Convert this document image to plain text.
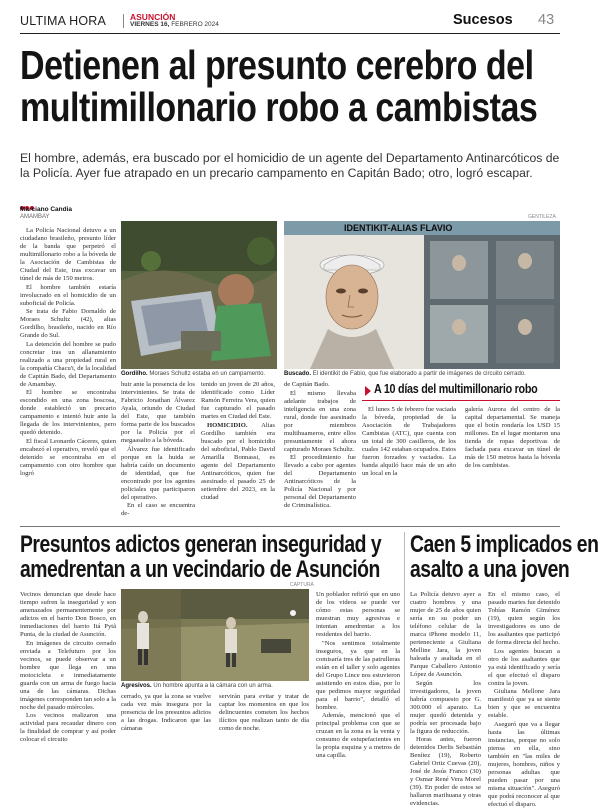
ULTIMA HORA	ASUNCIÓN
VIERNES 16, FEBRERO 2024	Sucesos 43
Detienen al presunto cerebro del
multimillonario robo a cambistas
El hombre, además, era buscado por el homicidio de un agente del Departamento Antinarcóticos de la Policía. Ayer fue atrapado en un precario campamento en Capitán Bado; otro, logró escapar.
Marciano Candia
AMAMBAY

La Policía Nacional detuvo a un ciudadano brasileño, presunto líder de la banda que perpetró el multimillonario robo a la bóveda de la Asociación de Cambistas de Ciudad del Este, tras excavar un túnel de más de 150 metros.

El hombre también estaría involucrado en el homicidio de un suboficial de Policía.

Se trata de Fabio Dornaldo de Moraes Schultz (42), alias Gordilho, brasileño, nacido en Río Grande do Sul.

La detención del hombre se pudo concretar tras un allanamiento realizado a una propiedad rural en la compañía Chacu'i, de la localidad de Capitán Bado, del Departamento de Amambay.

El hombre se encontraba escondido en una zona boscosa, donde estableció un precario campamento e intentó huir ante la llegada de los intervinientes, pero quedó detenido.

El fiscal Leonardo Cáceres, quien encabezó el operativo, reveló que el detenido se encontraba en el campamento con otro hombre que logró

Gordilho. Moraes Schultz estaba en un campamento.

huir ante la presencia de los intervinientes. Se trata de Fabricio Jonathan Álvarez Ayala, oriundo de Ciudad del Este, que también forma parte de los buscados por la Policía por el megaasalto a la bóveda.

Álvarez fue identificado porque en la huida se habría caído un documento de identidad, que fue encontrado por los agentes policiales que participaron del operativo.

En el caso se encuentra de-

tenido un joven de 20 años, identificado como Líder Ramón Ferreira Vera, quien fue capturado el pasado martes en Ciudad del Este.

HOMICIDIO. Alias Gordilho también era buscado por el homicidio del suboficial, Pablo David Amarilla Bonnassi, es agente del Departamento Antinarcóticos, quien fue asesinado el pasado 25 de setiembre del 2023, en la ciudad

GENTILEZA
IDENTIKIT-ALIAS FLAVIO
Buscado. El identikit de Fabio, que fue elaborado a partir de imágenes de circuito cerrado.

de Capitán Bado.

El mismo llevaba adelante trabajos de inteligencia en una zona rural, donde fue asesinado por miembros multihuameros, entre ellos presuntamente el ahora capturado Moraes Schultz.

El procedimiento fue llevado a cabo por agentes del Departamento Antinarcóticos de la Policía Nacional y por personal del Departamento de Criminalística.

A 10 días del multimillonario robo
El lunes 5 de febrero fue vaciada la bóveda, propiedad de la Asociación de Trabajadores Cambistas (ATC), que cuenta con un total de 300 casilleros, de los cuales 142 estaban ocupados. Estos fueron forzados y vaciados. La banda alquiló hace más de un año un local en la
galería Aurora del centro de la capital departamental. Se maneja que el botín rondaría los USD 15 millones. En el lugar montaron una tienda de ropas deportivas de fachada para excavar un túnel de más de 150 metros hasta la bóveda de los cambistas.
Presuntos adictos generan inseguridad y
amedrentan a un vecindario de Asunción

Vecinos denuncian que desde hace tiempo sufren la inseguridad y son amenazados permanentemente por adictos en el barrio Don Bosco, en inmediaciones del barrio Itá Pytã Punta, de la ciudad de Asunción.

En imágenes de circuito cerrado enviada a Telefuturo por los vecinos, se puede observar a un hombre que llega en una motocicleta e inmediatamente guarda con un arma de fuego hacia una de las cámaras. Dichas imágenes corresponden tan solo a la noche del pasado miércoles.

Los vecinos realizaron una actividad para recaudar dinero con la finalidad de comprar y así poder colocar el circuito

CAPTURA
Agresivos. Un hombre apunta a la cámara con un arma.
cerrado, ya que la zona se vuelve cada vez más insegura por la presencia de los presuntos adictos a las drogas. Indicaron que las cámaras
servirán para evitar y tratar de captar los momentos en que los delincuentes cometen los hechos ilícitos que realizan tanto de día como de noche.

Un poblador refirió que en uno de los videos se puede ver cómo estas personas se muestran muy agresivas e intentan amedrentar a los residentes del barrio.

"Nos sentimos totalmente inseguros, ya que en la comisaría tres de las patrulleras están en el taller y solo agentes del Grupo Lince nos estuvieron asistiendo en estos días, por lo que pedimos mayor seguridad para el barrio", detalló el hombre.

Además, mencionó que el principal problema con que se cruzan en la zona es la venta y consumo de estupefacientes en la propia esquina y a metros de una capilla.

Caen 5 implicados en
asalto a una joven

La Policía detuvo ayer a cuatro hombres y una mujer de 25 de años quien sería en su poder un teléfono celular de la marca iPhone modelo 11, perteneciente a Giuliana Melline Jara, la joven baleada y asaltada en el Parque Caballero Antonio López de Asunción.

Según los investigadores, la joven habría compuesto por G. 300.000 el aparato. La mujer quedó detenida y podría ser procesada bajo la figura de reducción.

Horas antes, fueron detenidos Derlis Sebastián Benítez (19), Roberto Gabriel Ortiz Cuevas (20), José de Jesús Franco (30) y Osmar René Vera Morel (39). En poder de estos se hallaron marihuana y otras evidencias.

En el mismo caso, el pasado martes fue detenido Tobías Ramón Giménez (19), quien según los investigadores es uno de los asaltantes que participó de forma directa del hecho.

Los agentes buscan a otro de los asaltantes que ya está identificado y sería el que efectuó el disparo contra la joven.

Giuliana Mellone Jara manifestó que ya se siente bien y que se encuentra estable.

Aseguró que va a llegar hasta las últimas instancias, porque no solo piensa en ella, sino también en "las miles de mujeres, hombres, niños y personas adultas que pueden pasar por una misma situación". Aseguró que podrá reconocer al que efectuó el disparo.
